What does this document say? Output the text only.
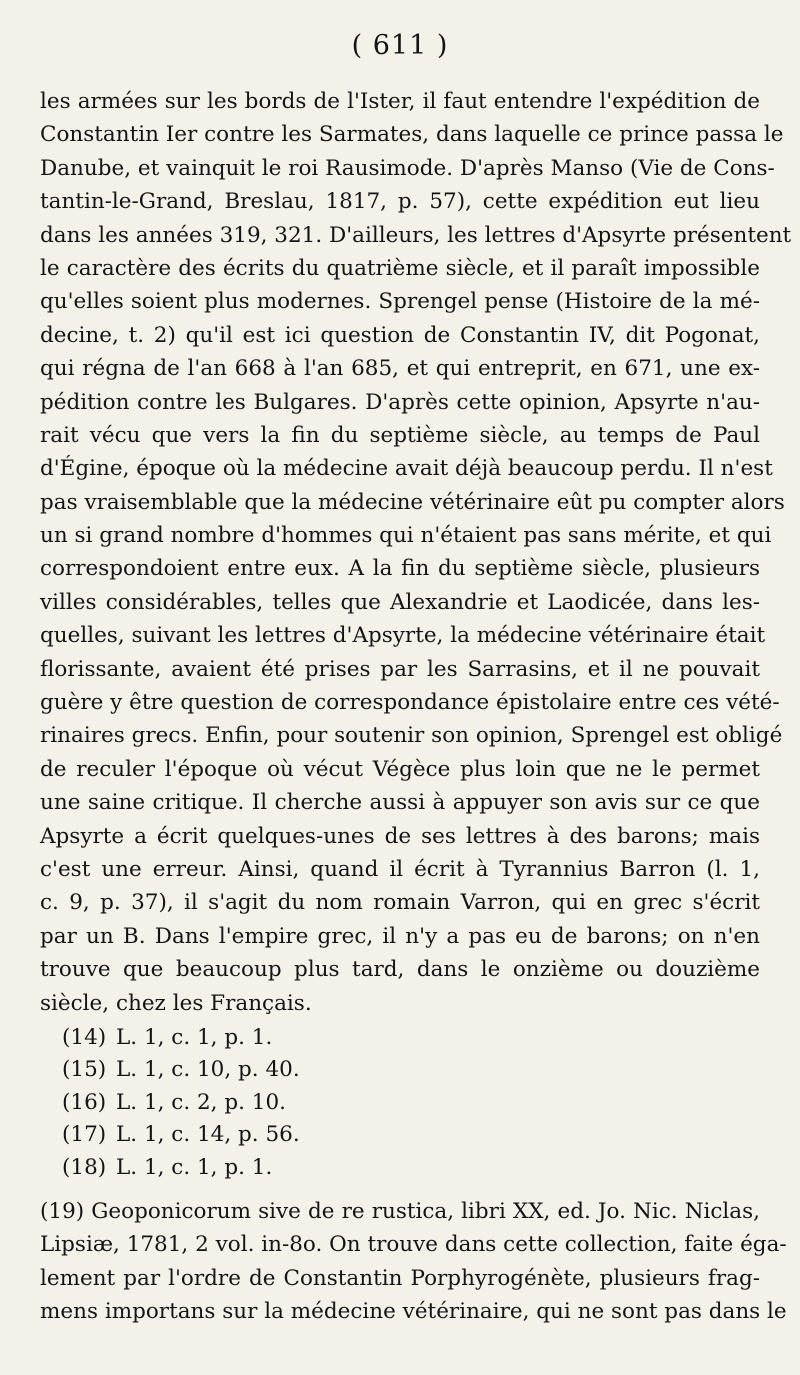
( 611 )
les armées sur les bords de l'Ister, il faut entendre l'expédition de
Constantin Ier contre les Sarmates, dans laquelle ce prince passa le
Danube, et vainquit le roi Rausimode. D'après Manso (Vie de Cons-
tantin-le-Grand, Breslau, 1817, p. 57), cette expédition eut lieu
dans les années 319, 321. D'ailleurs, les lettres d'Apsyrte présentent
le caractère des écrits du quatrième siècle, et il paraît impossible
qu'elles soient plus modernes. Sprengel pense (Histoire de la mé-
decine, t. 2) qu'il est ici question de Constantin IV, dit Pogonat,
qui régna de l'an 668 à l'an 685, et qui entreprit, en 671, une ex-
pédition contre les Bulgares. D'après cette opinion, Apsyrte n'au-
rait vécu que vers la fin du septième siècle, au temps de Paul
d'Égine, époque où la médecine avait déjà beaucoup perdu. Il n'est
pas vraisemblable que la médecine vétérinaire eût pu compter alors
un si grand nombre d'hommes qui n'étaient pas sans mérite, et qui
correspondoient entre eux. A la fin du septième siècle, plusieurs
villes considérables, telles que Alexandrie et Laodicée, dans les-
quelles, suivant les lettres d'Apsyrte, la médecine vétérinaire était
florissante, avaient été prises par les Sarrasins, et il ne pouvait
guère y être question de correspondance épistolaire entre ces vété-
rinaires grecs. Enfin, pour soutenir son opinion, Sprengel est obligé
de reculer l'époque où vécut Végèce plus loin que ne le permet
une saine critique. Il cherche aussi à appuyer son avis sur ce que
Apsyrte a écrit quelques-unes de ses lettres à des barons; mais
c'est une erreur. Ainsi, quand il écrit à Tyrannius Barron (l. 1,
c. 9, p. 37), il s'agit du nom romain Varron, qui en grec s'écrit
par un B. Dans l'empire grec, il n'y a pas eu de barons; on n'en
trouve que beaucoup plus tard, dans le onzième ou douzième
siècle, chez les Français.
(14) L. 1, c. 1, p. 1.
(15) L. 1, c. 10, p. 40.
(16) L. 1, c. 2, p. 10.
(17) L. 1, c. 14, p. 56.
(18) L. 1, c. 1, p. 1.
(19) Geoponicorum sive de re rustica, libri XX, ed. Jo. Nic. Niclas,
Lipsiæ, 1781, 2 vol. in-8o. On trouve dans cette collection, faite éga-
lement par l'ordre de Constantin Porphyrogénète, plusieurs frag-
mens importans sur la médecine vétérinaire, qui ne sont pas dans le
